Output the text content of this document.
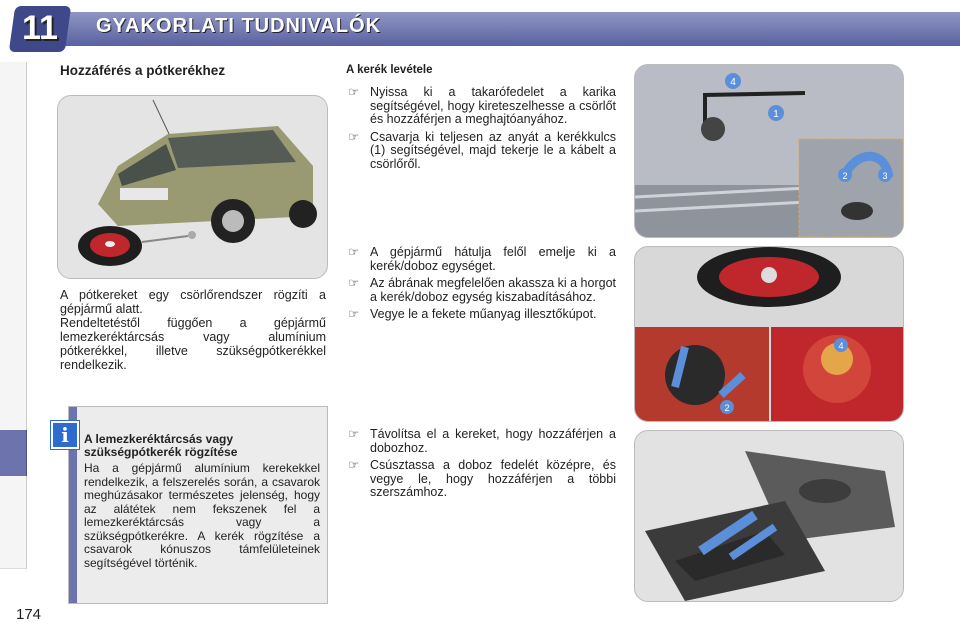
11	GYAKORLATI TUDNIVALÓK
Hozzáférés a pótkerékhez
A pótkereket egy csörlőrendszer rögzíti a gépjármű alatt.
Rendeltetéstől függően a gépjármű lemezkeréktárcsás vagy alumínium pótkerékkel, illetve szükségpótkerékkel rendelkezik.
i	A lemezkeréktárcsás vagy szükségpótkerék rögzítése
Ha a gépjármű alumínium kerekekkel rendelkezik, a felszerelés során, a csavarok meghúzásakor természetes jelenség, hogy az alátétek nem fekszenek fel a lemezkeréktárcsás vagy a szükségpótkerékre. A kerék rögzítése a csavarok kónuszos támfelületeinek segítségével történik.
A kerék levétele
☞ Nyissa ki a takarófedelet a karika segítségével, hogy kireteszelhesse a csörlőt és hozzáférjen a meghajtóanyához.
☞ Csavarja ki teljesen az anyát a kerékkulcs (1) segítségével, majd tekerje le a kábelt a csörlőről.
☞ A gépjármű hátulja felől emelje ki a kerék/doboz egységet.
☞ Az ábrának megfelelően akassza ki a horgot a kerék/doboz egység kiszabadításához.
☞ Vegye le a fekete műanyag illesztőkúpot.
☞ Távolítsa el a kereket, hogy hozzáférjen a dobozhoz.
☞ Csúsztassa a doboz fedelét középre, és vegye le, hogy hozzáférjen a többi szerszámhoz.
1
4
2	3
4
2
174
